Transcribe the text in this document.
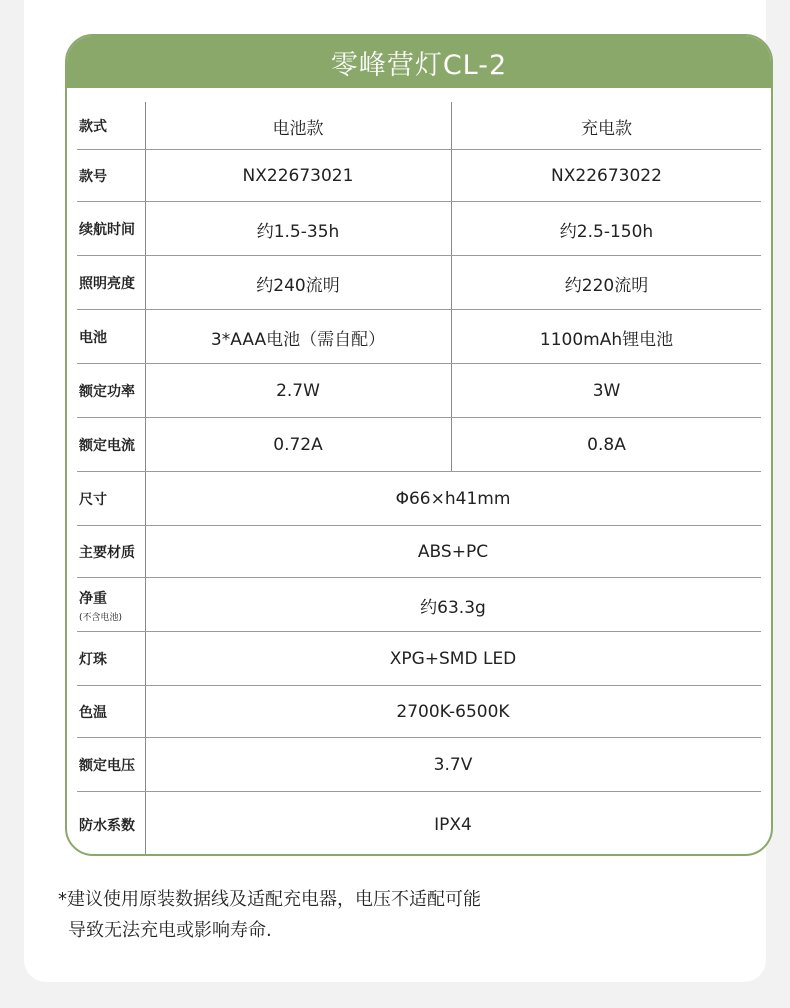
零峰营灯CL-2
款式	电池款	充电款
款号	NX22673021	NX22673022
续航时间	约1.5-35h	约2.5-150h
照明亮度	约240流明	约220流明
电池	3*AAA电池（需自配）	1100mAh锂电池
额定功率	2.7W	3W
额定电流	0.72A	0.8A
尺寸	Φ66×h41mm
主要材质	ABS+PC
净重
(不含电池)	约63.3g
灯珠	XPG+SMD LED
色温	2700K-6500K
额定电压	3.7V
防水系数	IPX4
*建议使用原装数据线及适配充电器，电压不适配可能
导致无法充电或影响寿命.
